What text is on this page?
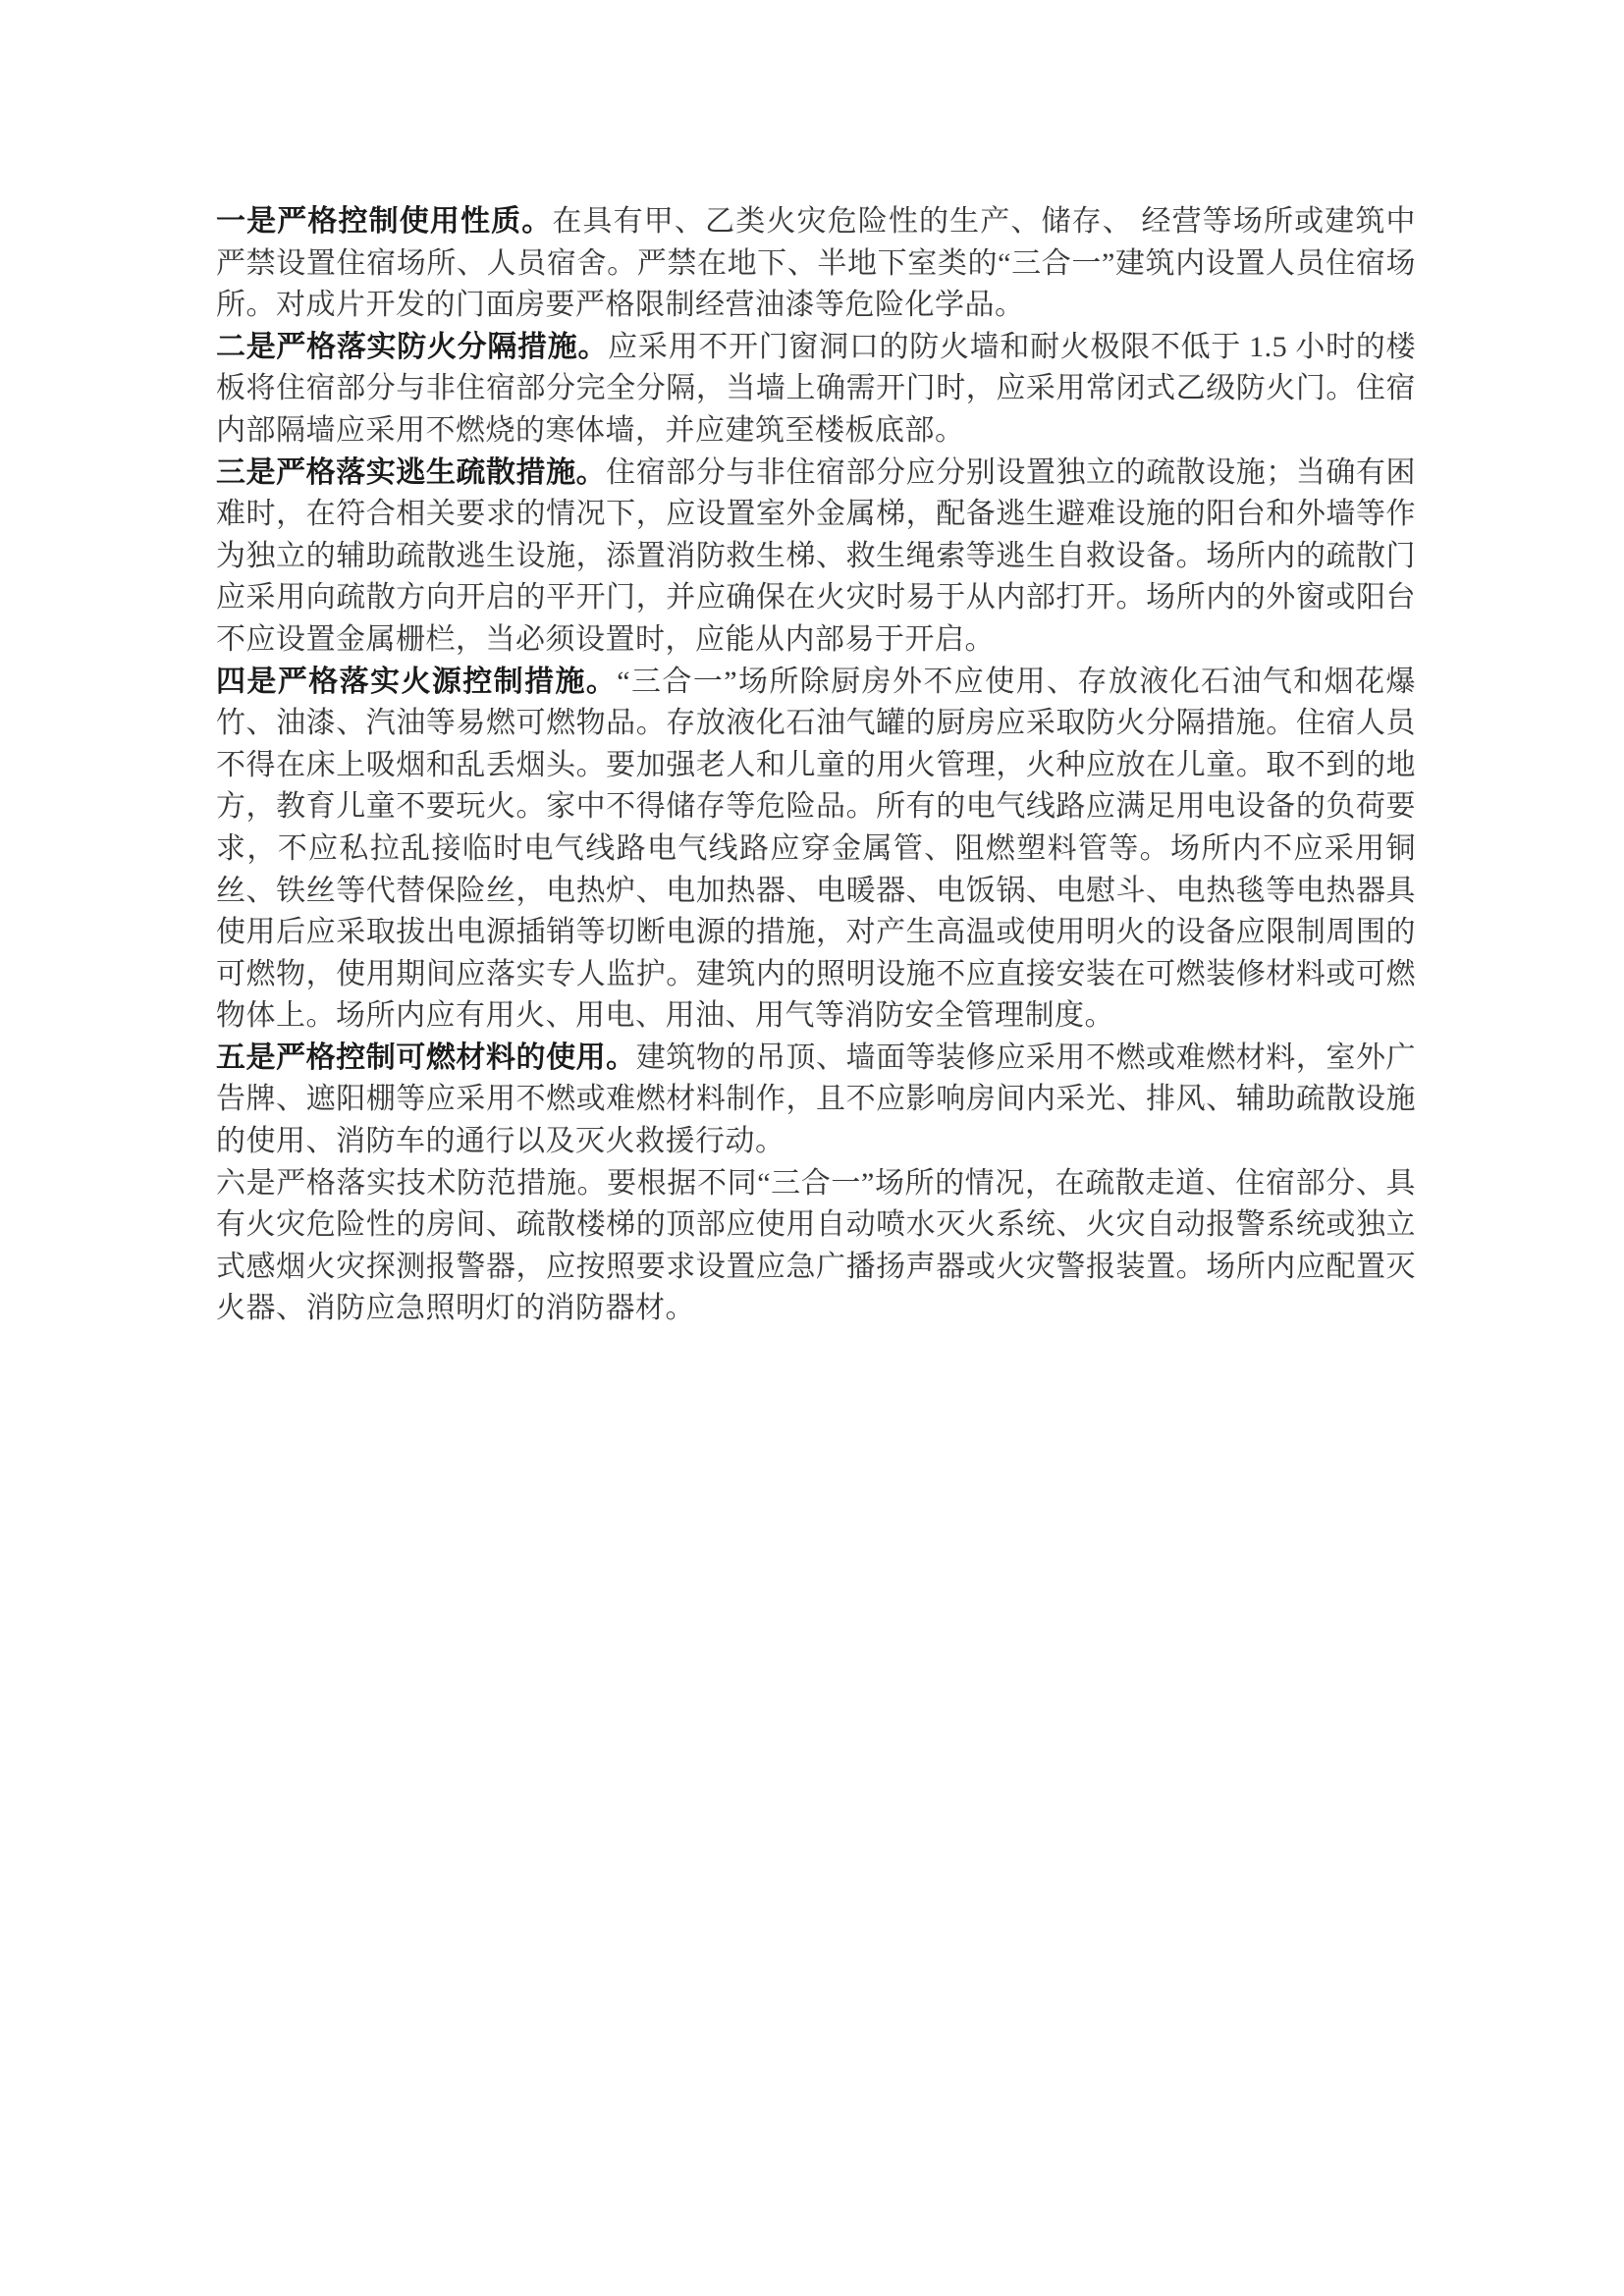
一是严格控制使用性质。在具有甲、乙类火灾危险性的生产、储存、 经营等场所或建筑中严禁设置住宿场所、人员宿舍。严禁在地下、半地下室类的“三合一”建筑内设置人员住宿场所。对成片开发的门面房要严格限制经营油漆等危险化学品。

二是严格落实防火分隔措施。应采用不开门窗洞口的防火墙和耐火极限不低于 1.5 小时的楼板将住宿部分与非住宿部分完全分隔，当墙上确需开门时，应采用常闭式乙级防火门。住宿内部隔墙应采用不燃烧的寒体墙，并应建筑至楼板底部。

三是严格落实逃生疏散措施。住宿部分与非住宿部分应分别设置独立的疏散设施；当确有困难时，在符合相关要求的情况下，应设置室外金属梯，配备逃生避难设施的阳台和外墙等作为独立的辅助疏散逃生设施，添置消防救生梯、救生绳索等逃生自救设备。场所内的疏散门应采用向疏散方向开启的平开门，并应确保在火灾时易于从内部打开。场所内的外窗或阳台不应设置金属栅栏，当必须设置时，应能从内部易于开启。

四是严格落实火源控制措施。“三合一”场所除厨房外不应使用、存放液化石油气和烟花爆竹、油漆、汽油等易燃可燃物品。存放液化石油气罐的厨房应采取防火分隔措施。住宿人员不得在床上吸烟和乱丢烟头。要加强老人和儿童的用火管理，火种应放在儿童。取不到的地方，教育儿童不要玩火。家中不得储存等危险品。所有的电气线路应满足用电设备的负荷要求，不应私拉乱接临时电气线路电气线路应穿金属管、阻燃塑料管等。场所内不应采用铜丝、铁丝等代替保险丝，电热炉、电加热器、电暖器、电饭锅、电慰斗、电热毯等电热器具使用后应采取拔出电源插销等切断电源的措施，对产生高温或使用明火的设备应限制周围的可燃物，使用期间应落实专人监护。建筑内的照明设施不应直接安装在可燃装修材料或可燃物体上。场所内应有用火、用电、用油、用气等消防安全管理制度。

五是严格控制可燃材料的使用。建筑物的吊顶、墙面等装修应采用不燃或难燃材料，室外广告牌、遮阳棚等应采用不燃或难燃材料制作，且不应影响房间内采光、排风、辅助疏散设施的使用、消防车的通行以及灭火救援行动。

六是严格落实技术防范措施。要根据不同“三合一”场所的情况，在疏散走道、住宿部分、具有火灾危险性的房间、疏散楼梯的顶部应使用自动喷水灭火系统、火灾自动报警系统或独立式感烟火灾探测报警器，应按照要求设置应急广播扬声器或火灾警报装置。场所内应配置灭火器、消防应急照明灯的消防器材。
